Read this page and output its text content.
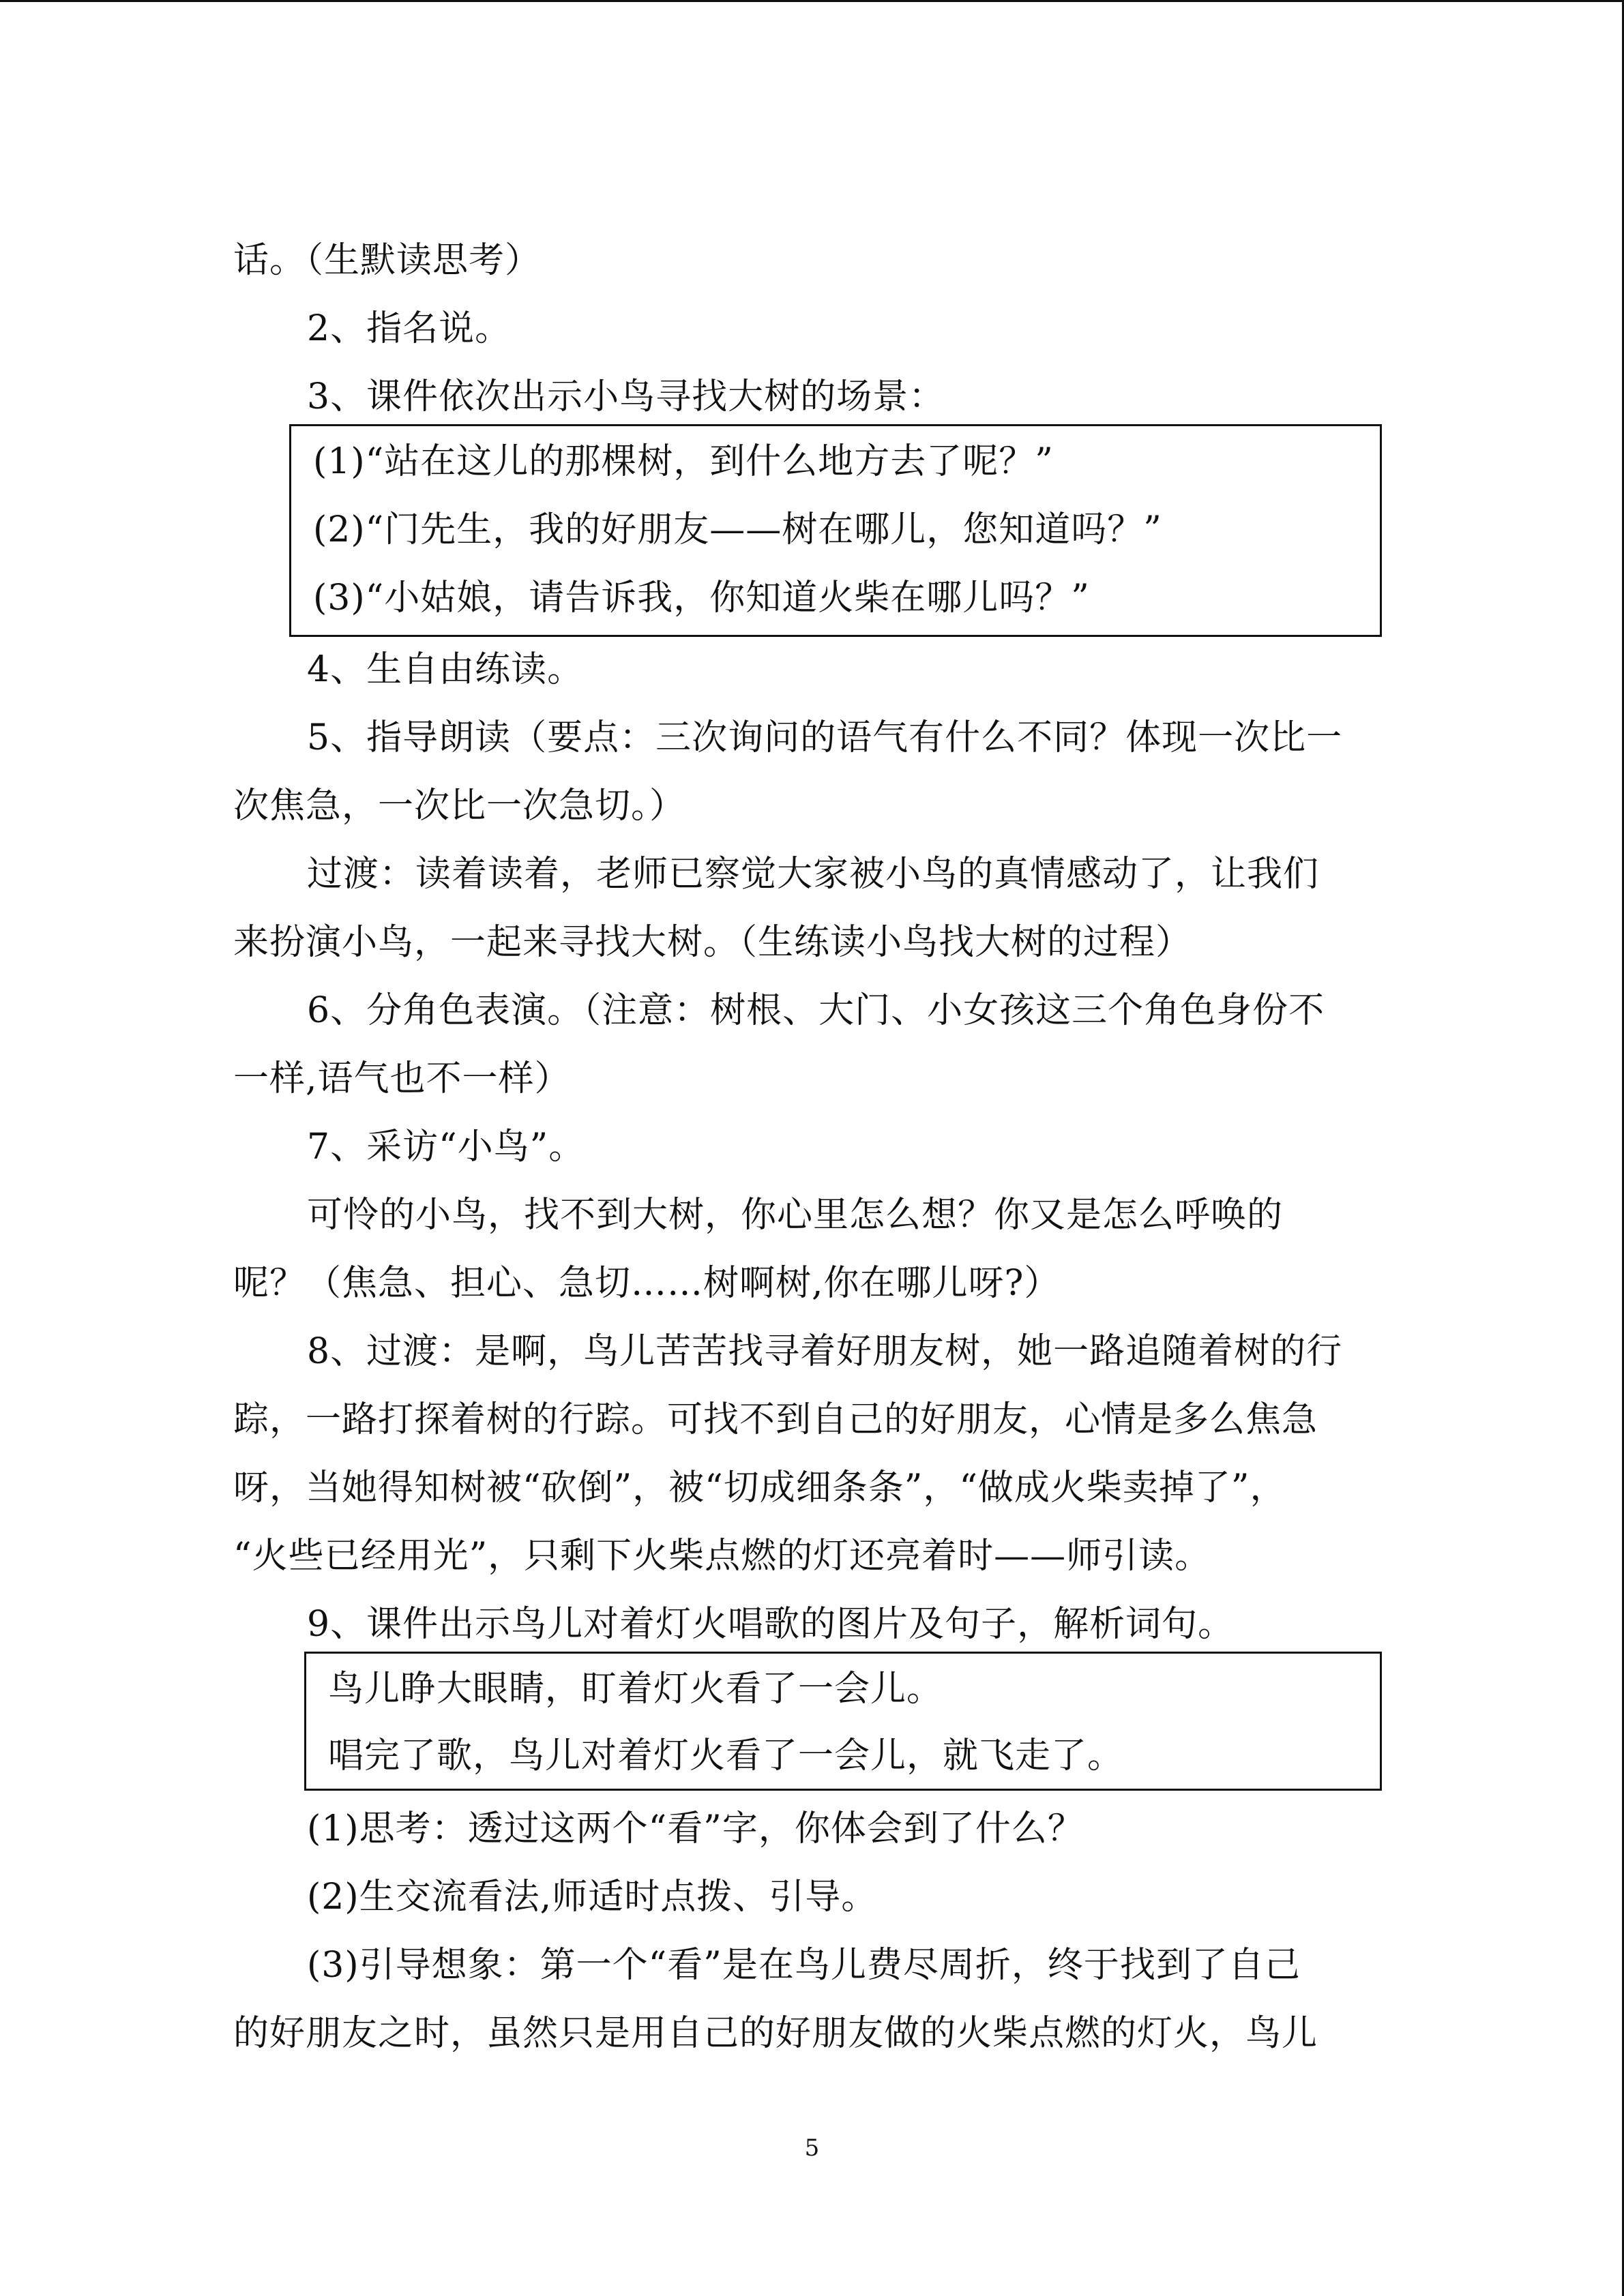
话。（生默读思考）
2、指名说。
3、课件依次出示小鸟寻找大树的场景：
(1)“站在这儿的那棵树，到什么地方去了呢？”
(2)“门先生，我的好朋友——树在哪儿，您知道吗？”
(3)“小姑娘，请告诉我，你知道火柴在哪儿吗？”
4、生自由练读。
5、指导朗读（要点：三次询问的语气有什么不同？体现一次比一
次焦急，一次比一次急切。）
过渡：读着读着，老师已察觉大家被小鸟的真情感动了，让我们
来扮演小鸟，一起来寻找大树。（生练读小鸟找大树的过程）
6、分角色表演。（注意：树根、大门、小女孩这三个角色身份不
一样,语气也不一样）
7、采访“小鸟”。
可怜的小鸟，找不到大树，你心里怎么想？你又是怎么呼唤的
呢？（焦急、担心、急切……树啊树,你在哪儿呀?）
8、过渡：是啊，鸟儿苦苦找寻着好朋友树，她一路追随着树的行
踪，一路打探着树的行踪。可找不到自己的好朋友，心情是多么焦急
呀，当她得知树被“砍倒”，被“切成细条条”，“做成火柴卖掉了”，
“火些已经用光”，只剩下火柴点燃的灯还亮着时——师引读。
9、课件出示鸟儿对着灯火唱歌的图片及句子，解析词句。
鸟儿睁大眼睛，盯着灯火看了一会儿。
唱完了歌，鸟儿对着灯火看了一会儿，就飞走了。
(1)思考：透过这两个“看”字，你体会到了什么？
(2)生交流看法,师适时点拨、引导。
(3)引导想象：第一个“看”是在鸟儿费尽周折，终于找到了自己
的好朋友之时，虽然只是用自己的好朋友做的火柴点燃的灯火，鸟儿
5
